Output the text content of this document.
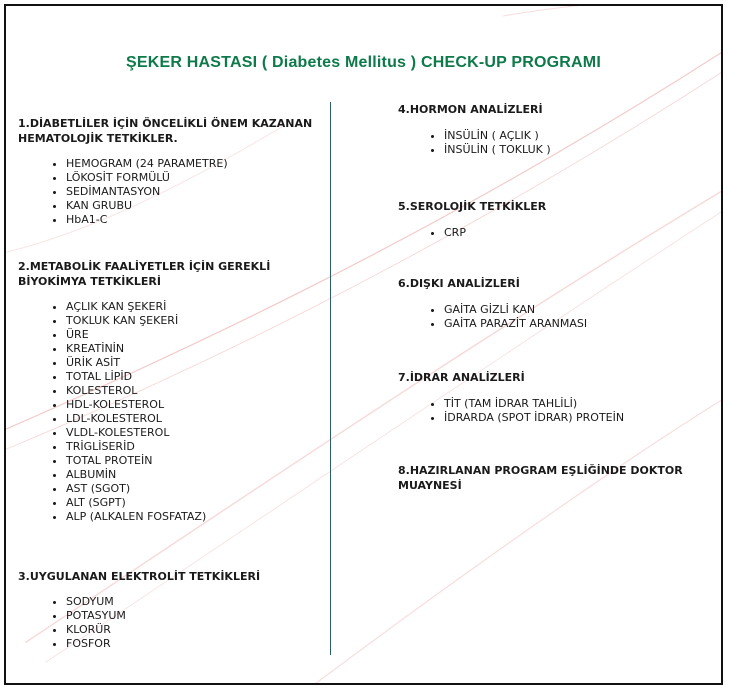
ŞEKER HASTASI ( Diabetes Mellitus ) CHECK-UP PROGRAMI
1.DİABETLİLER İÇİN ÖNCELİKLİ ÖNEM KAZANAN HEMATOLOJİK TETKİKLER.
• HEMOGRAM (24 PARAMETRE)
• LÖKOSİT FORMÜLÜ
• SEDİMANTASYON
• KAN GRUBU
• HbA1-C
2.METABOLİK FAALİYETLER İÇİN GEREKLİ BİYOKİMYA TETKİKLERİ
• AÇLIK KAN ŞEKERİ
• TOKLUK KAN ŞEKERİ
• ÜRE
• KREATİNİN
• ÜRİK ASİT
• TOTAL LİPİD
• KOLESTEROL
• HDL-KOLESTEROL
• LDL-KOLESTEROL
• VLDL-KOLESTEROL
• TRİGLİSERİD
• TOTAL PROTEİN
• ALBUMİN
• AST (SGOT)
• ALT (SGPT)
• ALP (ALKALEN FOSFATAZ)
3.UYGULANAN ELEKTROLİT TETKİKLERİ
• SODYUM
• POTASYUM
• KLORÜR
• FOSFOR
4.HORMON ANALİZLERİ
• İNSÜLİN ( AÇLIK )
• İNSÜLİN ( TOKLUK )
5.SEROLOJİK TETKİKLER
• CRP
6.DIŞKI ANALİZLERİ
• GAİTA GİZLİ KAN
• GAİTA PARAZİT ARANMASI
7.İDRAR ANALİZLERİ
• TİT (TAM İDRAR TAHLİLİ)
• İDRARDA (SPOT İDRAR) PROTEİN
8.HAZIRLANAN PROGRAM EŞLİĞİNDE DOKTOR MUAYNESİ
